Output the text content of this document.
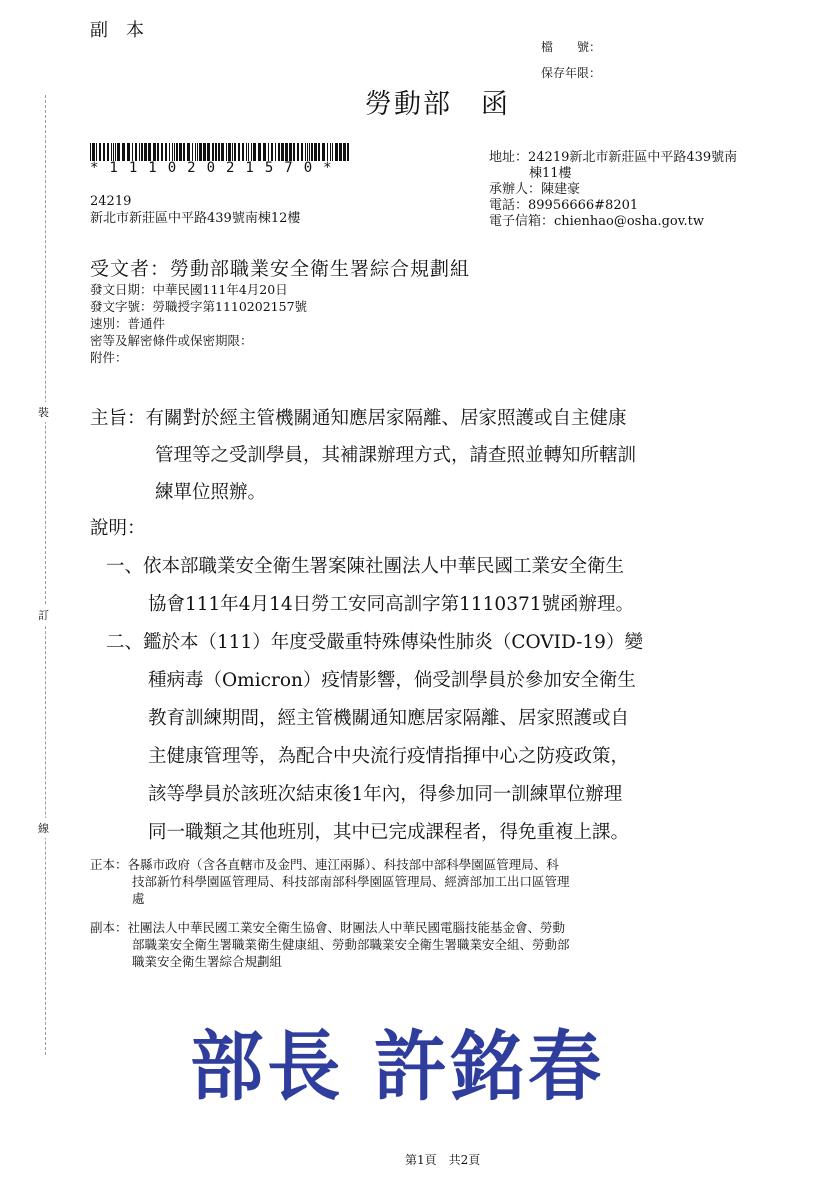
副本
檔　　號：
保存年限：
勞動部　函
裝
訂
線
*11102021570*
24219
新北市新莊區中平路439號南棟12樓
地址：24219新北市新莊區中平路439號南
棟11樓
承辦人：陳建豪
電話：89956666#8201
電子信箱：chienhao@osha.gov.tw
受文者：勞動部職業安全衛生署綜合規劃組
發文日期：中華民國111年4月20日
發文字號：勞職授字第1110202157號
速別：普通件
密等及解密條件或保密期限：
附件：
主旨：有關對於經主管機關通知應居家隔離、居家照護或自主健康
管理等之受訓學員，其補課辦理方式，請查照並轉知所轄訓
練單位照辦。
說明：
一、依本部職業安全衛生署案陳社團法人中華民國工業安全衛生
協會111年4月14日勞工安同高訓字第1110371號函辦理。
二、鑑於本（111）年度受嚴重特殊傳染性肺炎（COVID-19）變
種病毒（Omicron）疫情影響，倘受訓學員於參加安全衛生
教育訓練期間，經主管機關通知應居家隔離、居家照護或自
主健康管理等，為配合中央流行疫情指揮中心之防疫政策，
該等學員於該班次結束後1年內，得參加同一訓練單位辦理
同一職類之其他班別，其中已完成課程者，得免重複上課。
正本：各縣市政府（含各直轄市及金門、連江兩縣）、科技部中部科學園區管理局、科
技部新竹科學園區管理局、科技部南部科學園區管理局、經濟部加工出口區管理
處
副本：社團法人中華民國工業安全衛生協會、財團法人中華民國電腦技能基金會、勞動
部職業安全衛生署職業衛生健康組、勞動部職業安全衛生署職業安全組、勞動部
職業安全衛生署綜合規劃組
部長 許銘春
第1頁　共2頁
